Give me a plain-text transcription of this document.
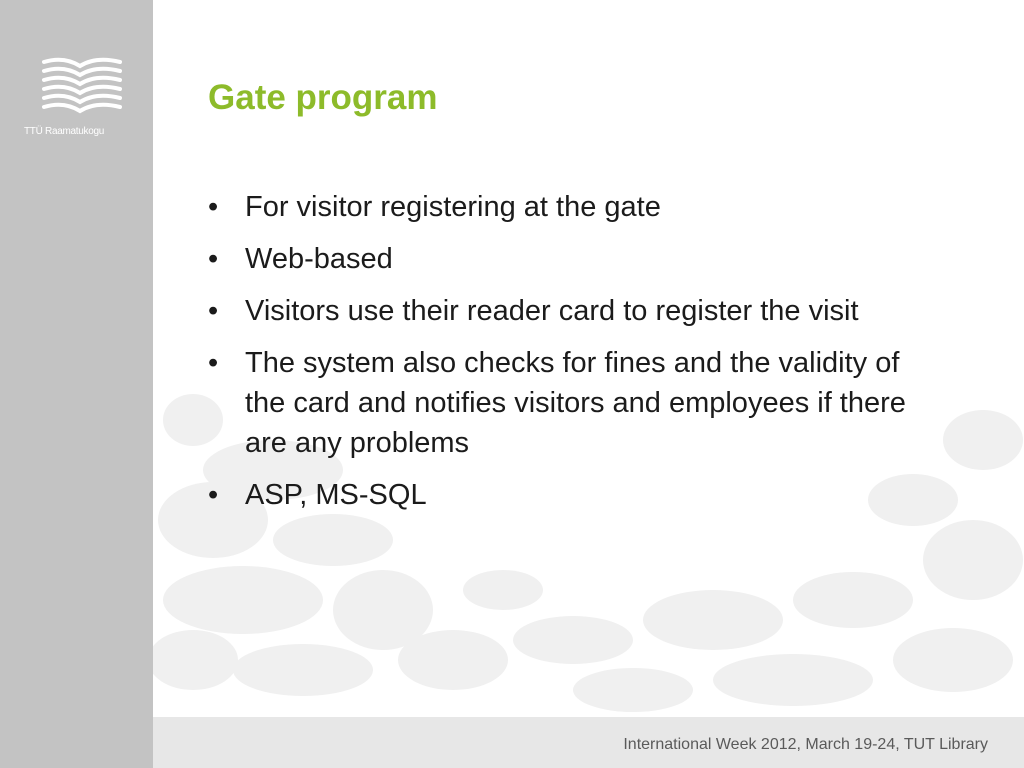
TTÜ Raamatukogu
Gate program
• For visitor registering at the gate
• Web-based
• Visitors use their reader card to register the visit
• The system also checks for fines and the validity of the card and notifies visitors and employees if there are any problems
• ASP, MS-SQL
International Week 2012, March 19-24, TUT Library
